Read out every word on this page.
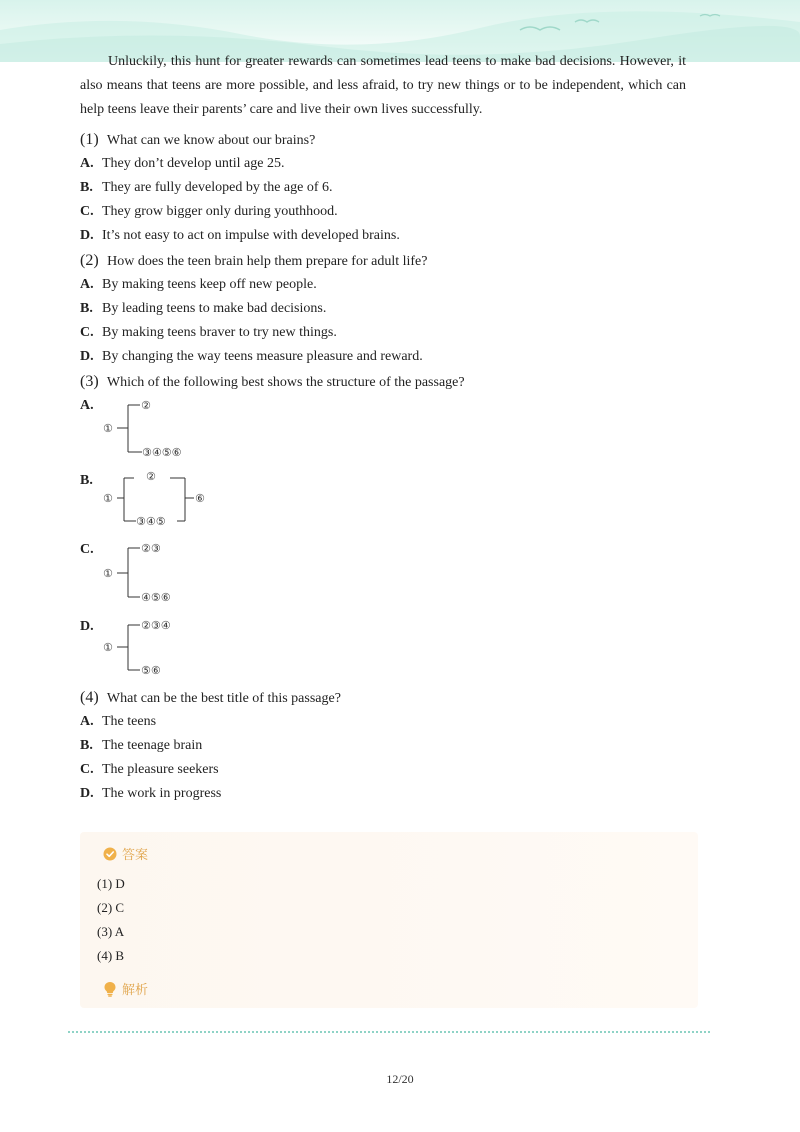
Unluckily, this hunt for greater rewards can sometimes lead teens to make bad decisions. However, it also means that teens are more possible, and less afraid, to try new things or to be independent, which can help teens leave their parents’ care and live their own lives successfully.

(1) What can we know about our brains?
A. They don’t develop until age 25.
B. They are fully developed by the age of 6.
C. They grow bigger only during youthhood.
D. It’s not easy to act on impulse with developed brains.
(2) How does the teen brain help them prepare for adult life?
A. By making teens keep off new people.
B. By leading teens to make bad decisions.
C. By making teens braver to try new things.
D. By changing the way teens measure pleasure and reward.
(3) Which of the following best shows the structure of the passage?
A.
①
②
③④⑤⑥
B.
①
②
③④⑤
⑥
C.
①
②③
④⑤⑥
D.
①
②③④
⑤⑥
(4) What can be the best title of this passage?
A. The teens
B. The teenage brain
C. The pleasure seekers
D. The work in progress
答案
(1) D
(2) C
(3) A
(4) B
解析
12/20
